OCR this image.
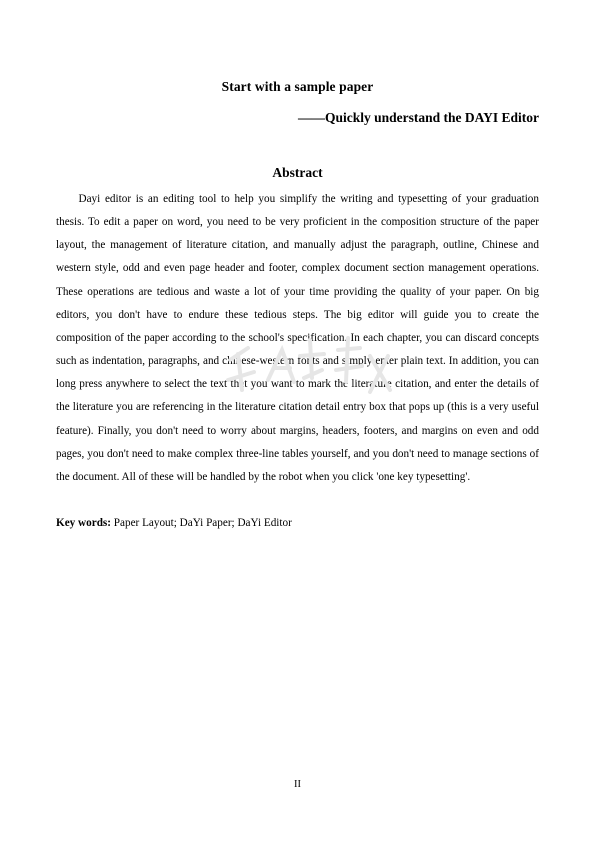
Start with a sample paper
——Quickly understand the DAYI Editor
Abstract

Dayi editor is an editing tool to help you simplify the writing and typesetting of your graduation thesis. To edit a paper on word, you need to be very proficient in the composition structure of the paper layout, the management of literature citation, and manually adjust the paragraph, outline, Chinese and western style, odd and even page header and footer, complex document section management operations. These operations are tedious and waste a lot of your time providing the quality of your paper. On big editors, you don't have to endure these tedious steps. The big editor will guide you to create the composition of the paper according to the school's specification. In each chapter, you can discard concepts such as indentation, paragraphs, and chinese-western fonts and simply enter plain text. In addition, you can long press anywhere to select the text that you want to mark the literature citation, and enter the details of the literature you are referencing in the literature citation detail entry box that pops up (this is a very useful feature). Finally, you don't need to worry about margins, headers, footers, and margins on even and odd pages, you don't need to make complex three-line tables yourself, and you don't need to manage sections of the document. All of these will be handled by the robot when you click 'one key typesetting'.

Key words: Paper Layout; DaYi Paper; DaYi Editor
II
